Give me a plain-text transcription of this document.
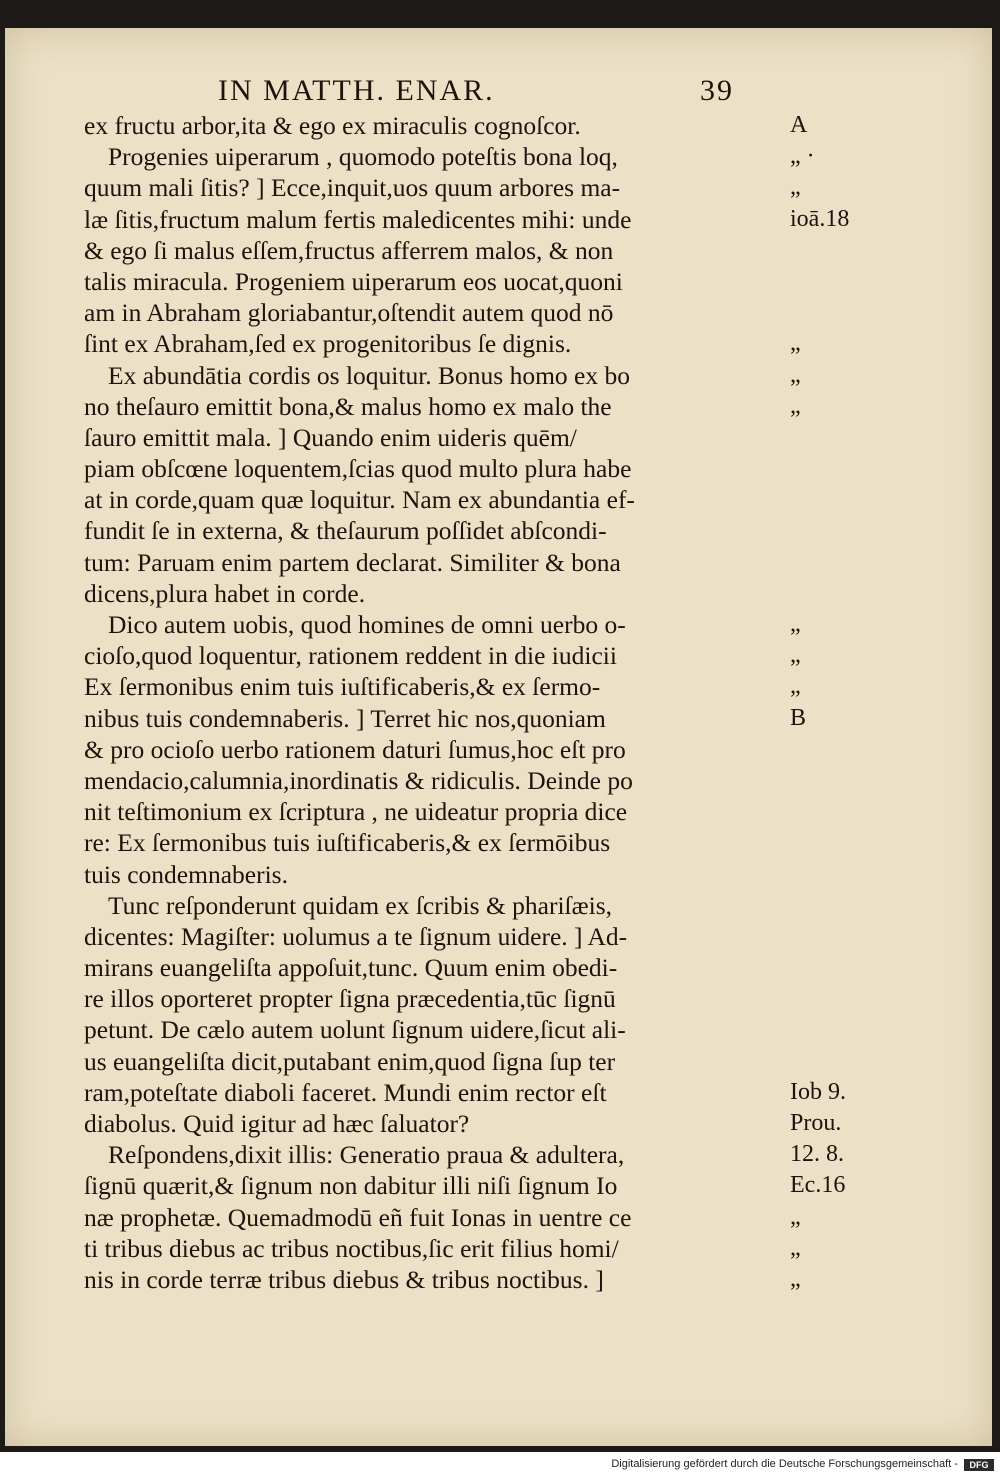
IN MATTH. ENAR.	39
ex fructu arbor,ita & ego ex miraculis cognoſcor.
Progenies uiperarum , quomodo poteſtis bona loq,
quum mali ſitis? ] Ecce,inquit,uos quum arbores ma-
læ ſitis,fructum malum fertis maledicentes mihi: unde
& ego ſi malus eſſem,fructus afferrem malos, & non
talis miracula. Progeniem uiperarum eos uocat,quoni
am in Abraham gloriabantur,oſtendit autem quod nō
ſint ex Abraham,ſed ex progenitoribus ſe dignis.
Ex abundātia cordis os loquitur. Bonus homo ex bo
no theſauro emittit bona,& malus homo ex malo the
ſauro emittit mala. ] Quando enim uideris quēm/
piam obſcœne loquentem,ſcias quod multo plura habe
at in corde,quam quæ loquitur. Nam ex abundantia ef-
fundit ſe in externa, & theſaurum poſſidet abſcondi-
tum: Paruam enim partem declarat. Similiter & bona
dicens,plura habet in corde.
Dico autem uobis, quod homines de omni uerbo o-
cioſo,quod loquentur, rationem reddent in die iudicii
Ex ſermonibus enim tuis iuſtificaberis,& ex ſermo-
nibus tuis condemnaberis. ] Terret hic nos,quoniam
& pro ocioſo uerbo rationem daturi ſumus,hoc eſt pro
mendacio,calumnia,inordinatis & ridiculis. Deinde po
nit teſtimonium ex ſcriptura , ne uideatur propria dice
re: Ex ſermonibus tuis iuſtificaberis,& ex ſermōibus
tuis condemnaberis.
Tunc reſponderunt quidam ex ſcribis & phariſæis,
dicentes: Magiſter: uolumus a te ſignum uidere. ] Ad-
mirans euangeliſta appoſuit,tunc. Quum enim obedi-
re illos oporteret propter ſigna præcedentia,tūc ſignū
petunt. De cælo autem uolunt ſignum uidere,ſicut ali-
us euangeliſta dicit,putabant enim,quod ſigna ſup ter
ram,poteſtate diaboli faceret. Mundi enim rector eſt
diabolus. Quid igitur ad hæc ſaluator?
Reſpondens,dixit illis: Generatio praua & adultera,
ſignū quærit,& ſignum non dabitur illi niſi ſignum Io
næ prophetæ. Quemadmodū eñ fuit Ionas in uentre ce
ti tribus diebus ac tribus noctibus,ſic erit filius homi/
nis in corde terræ tribus diebus & tribus noctibus. ]
A
„ ·
„
ioā.18
„
„
„
„
„
„
B
Iob 9.
Prou.
12. 8.
Ec.16
„
„
„
Digitalisierung gefördert durch die Deutsche Forschungsgemeinschaft -	DFG
